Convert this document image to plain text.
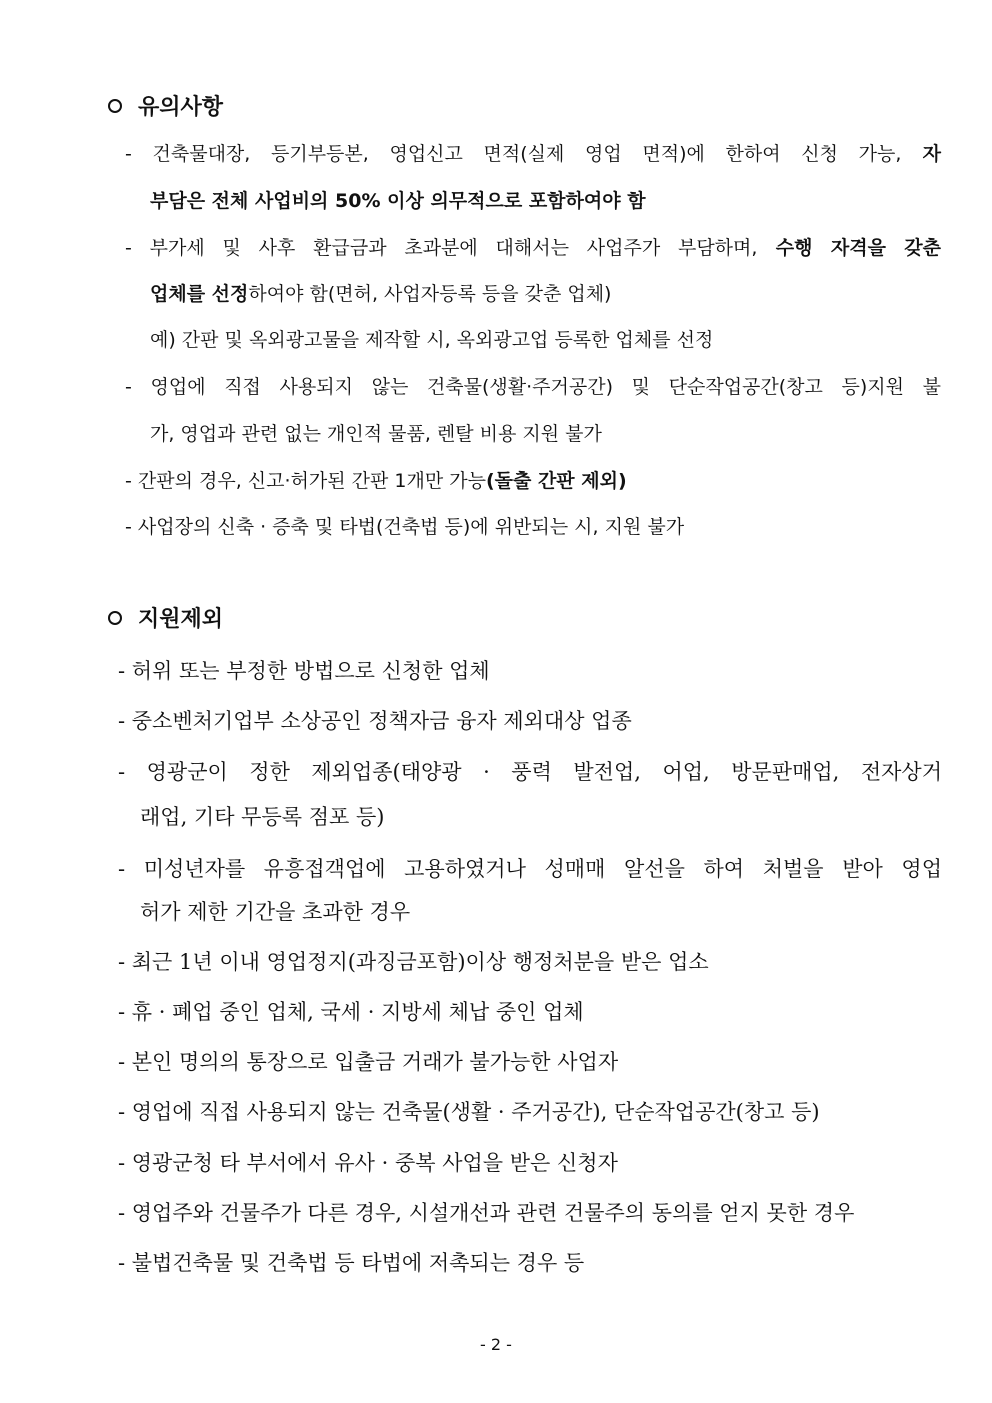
유의사항
- 건축물대장, 등기부등본, 영업신고 면적(실제 영업 면적)에 한하여 신청 가능, 자
부담은 전체 사업비의 50% 이상 의무적으로 포함하여야 함
- 부가세 및 사후 환급금과 초과분에 대해서는 사업주가 부담하며, 수행 자격을 갖춘
업체를 선정하여야 함(면허, 사업자등록 등을 갖춘 업체)
예) 간판 및 옥외광고물을 제작할 시, 옥외광고업 등록한 업체를 선정
- 영업에 직접 사용되지 않는 건축물(생활·주거공간) 및 단순작업공간(창고 등)지원 불
가, 영업과 관련 없는 개인적 물품, 렌탈 비용 지원 불가
- 간판의 경우, 신고·허가된 간판 1개만 가능(돌출 간판 제외)
- 사업장의 신축 · 증축 및 타법(건축법 등)에 위반되는 시, 지원 불가
지원제외
- 허위 또는 부정한 방법으로 신청한 업체
- 중소벤처기업부 소상공인 정책자금 융자 제외대상 업종
- 영광군이 정한 제외업종(태양광 · 풍력 발전업, 어업, 방문판매업, 전자상거
래업, 기타 무등록 점포 등)
- 미성년자를 유흥접객업에 고용하였거나 성매매 알선을 하여 처벌을 받아 영업
허가 제한 기간을 초과한 경우
- 최근 1년 이내 영업정지(과징금포함)이상 행정처분을 받은 업소
- 휴 · 폐업 중인 업체, 국세 · 지방세 체납 중인 업체
- 본인 명의의 통장으로 입출금 거래가 불가능한 사업자
- 영업에 직접 사용되지 않는 건축물(생활 · 주거공간), 단순작업공간(창고 등)
- 영광군청 타 부서에서 유사 · 중복 사업을 받은 신청자
- 영업주와 건물주가 다른 경우, 시설개선과 관련 건물주의 동의를 얻지 못한 경우
- 불법건축물 및 건축법 등 타법에 저촉되는 경우 등
- 2 -
